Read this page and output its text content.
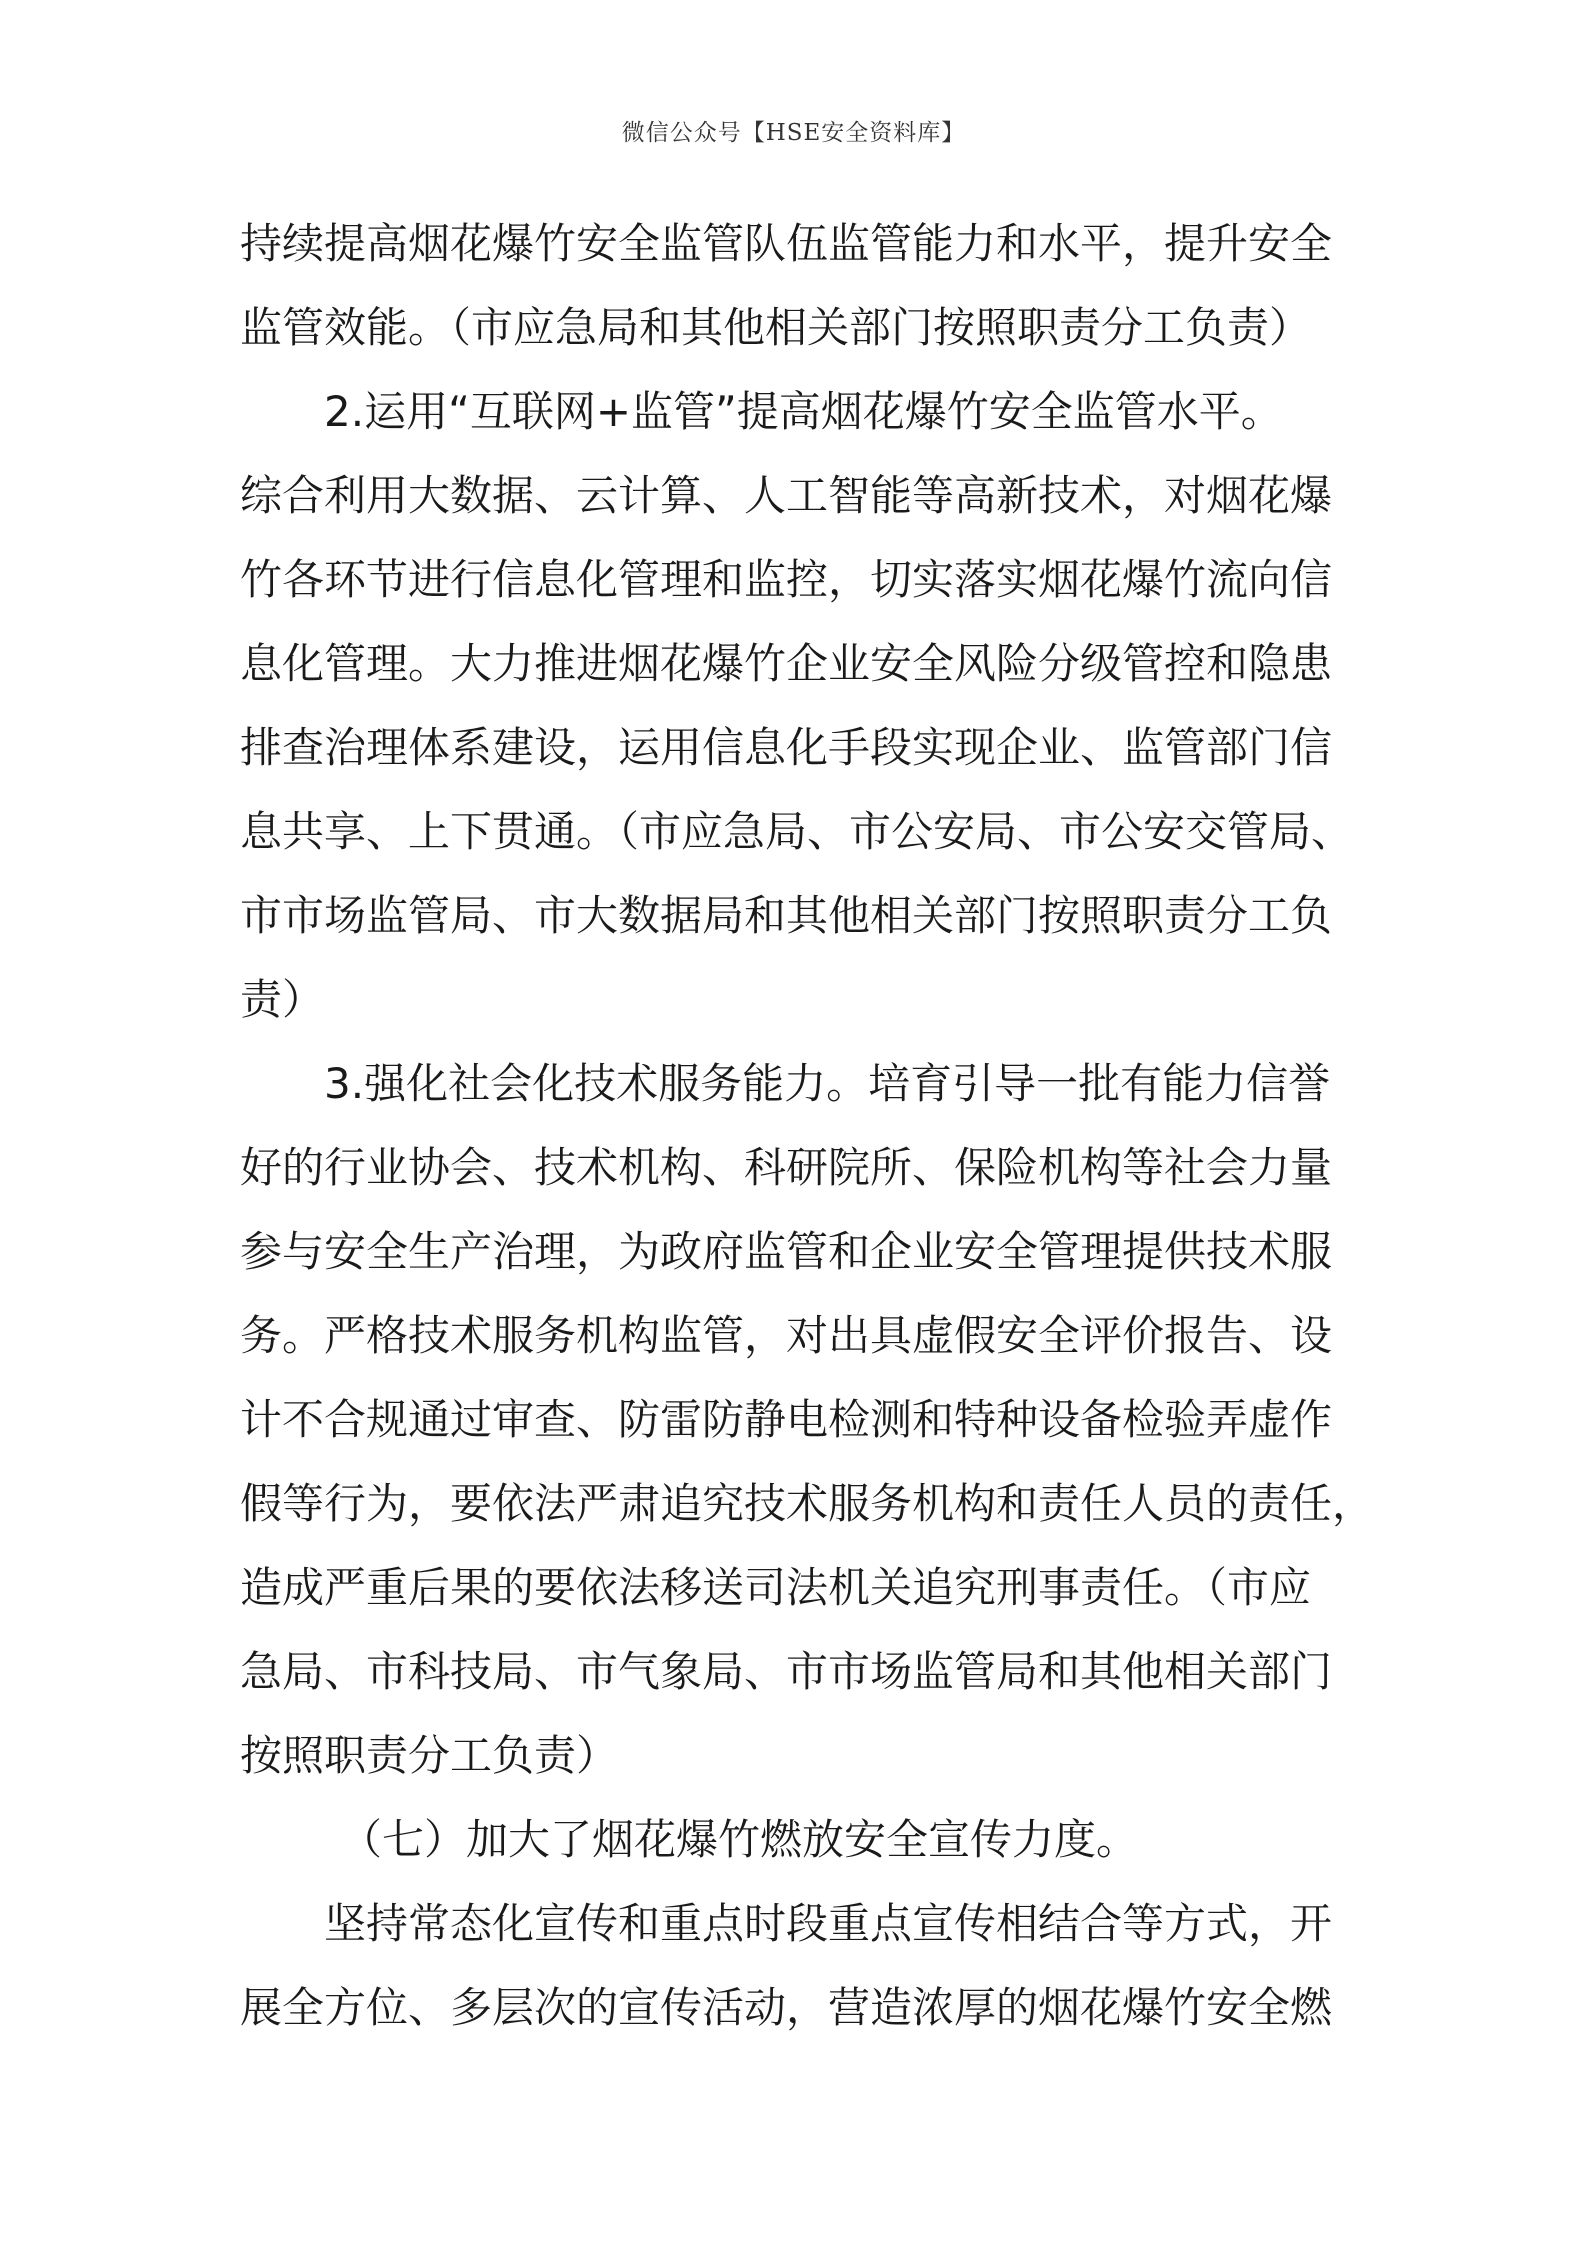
微信公众号【HSE安全资料库】
持续提高烟花爆竹安全监管队伍监管能力和水平，提升安全
监管效能。（市应急局和其他相关部门按照职责分工负责）
2.运用“互联网+监管”提高烟花爆竹安全监管水平。
综合利用大数据、云计算、人工智能等高新技术，对烟花爆
竹各环节进行信息化管理和监控，切实落实烟花爆竹流向信
息化管理。大力推进烟花爆竹企业安全风险分级管控和隐患
排查治理体系建设，运用信息化手段实现企业、监管部门信
息共享、上下贯通。（市应急局、市公安局、市公安交管局、
市市场监管局、市大数据局和其他相关部门按照职责分工负
责）
3.强化社会化技术服务能力。培育引导一批有能力信誉
好的行业协会、技术机构、科研院所、保险机构等社会力量
参与安全生产治理，为政府监管和企业安全管理提供技术服
务。严格技术服务机构监管，对出具虚假安全评价报告、设
计不合规通过审查、防雷防静电检测和特种设备检验弄虚作
假等行为，要依法严肃追究技术服务机构和责任人员的责任，
造成严重后果的要依法移送司法机关追究刑事责任。（市应
急局、市科技局、市气象局、市市场监管局和其他相关部门
按照职责分工负责）
（七）加大了烟花爆竹燃放安全宣传力度。
坚持常态化宣传和重点时段重点宣传相结合等方式，开
展全方位、多层次的宣传活动，营造浓厚的烟花爆竹安全燃
